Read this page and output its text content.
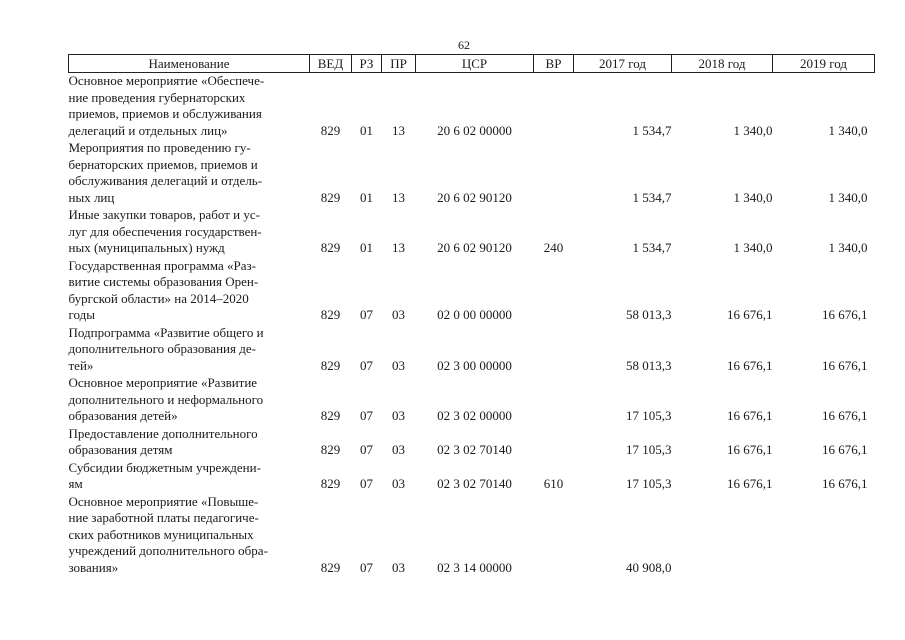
62
Наименование	ВЕД	РЗ	ПР	ЦСР	ВР	2017 год	2018 год	2019 год
Основное мероприятие «Обеспече-
ние проведения губернаторских
приемов, приемов и обслуживания
делегаций и отдельных лиц»	829	01	13	20 6 02 00000		1 534,7	1 340,0	1 340,0
Мероприятия по проведению гу-
бернаторских приемов, приемов и
обслуживания делегаций и отдель-
ных лиц	829	01	13	20 6 02 90120		1 534,7	1 340,0	1 340,0
Иные закупки товаров, работ и ус-
луг для обеспечения государствен-
ных (муниципальных) нужд	829	01	13	20 6 02 90120	240	1 534,7	1 340,0	1 340,0
Государственная программа «Раз-
витие системы образования Орен-
бургской области» на 2014–2020
годы	829	07	03	02 0 00 00000		58 013,3	16 676,1	16 676,1
Подпрограмма «Развитие общего и
дополнительного образования де-
тей»	829	07	03	02 3 00 00000		58 013,3	16 676,1	16 676,1
Основное мероприятие «Развитие
дополнительного и неформального
образования детей»	829	07	03	02 3 02 00000		17 105,3	16 676,1	16 676,1
Предоставление дополнительного
образования детям	829	07	03	02 3 02 70140		17 105,3	16 676,1	16 676,1
Субсидии бюджетным учреждени-
ям	829	07	03	02 3 02 70140	610	17 105,3	16 676,1	16 676,1
Основное мероприятие «Повыше-
ние заработной платы педагогиче-
ских работников муниципальных
учреждений дополнительного обра-
зования»	829	07	03	02 3 14 00000		40 908,0		
